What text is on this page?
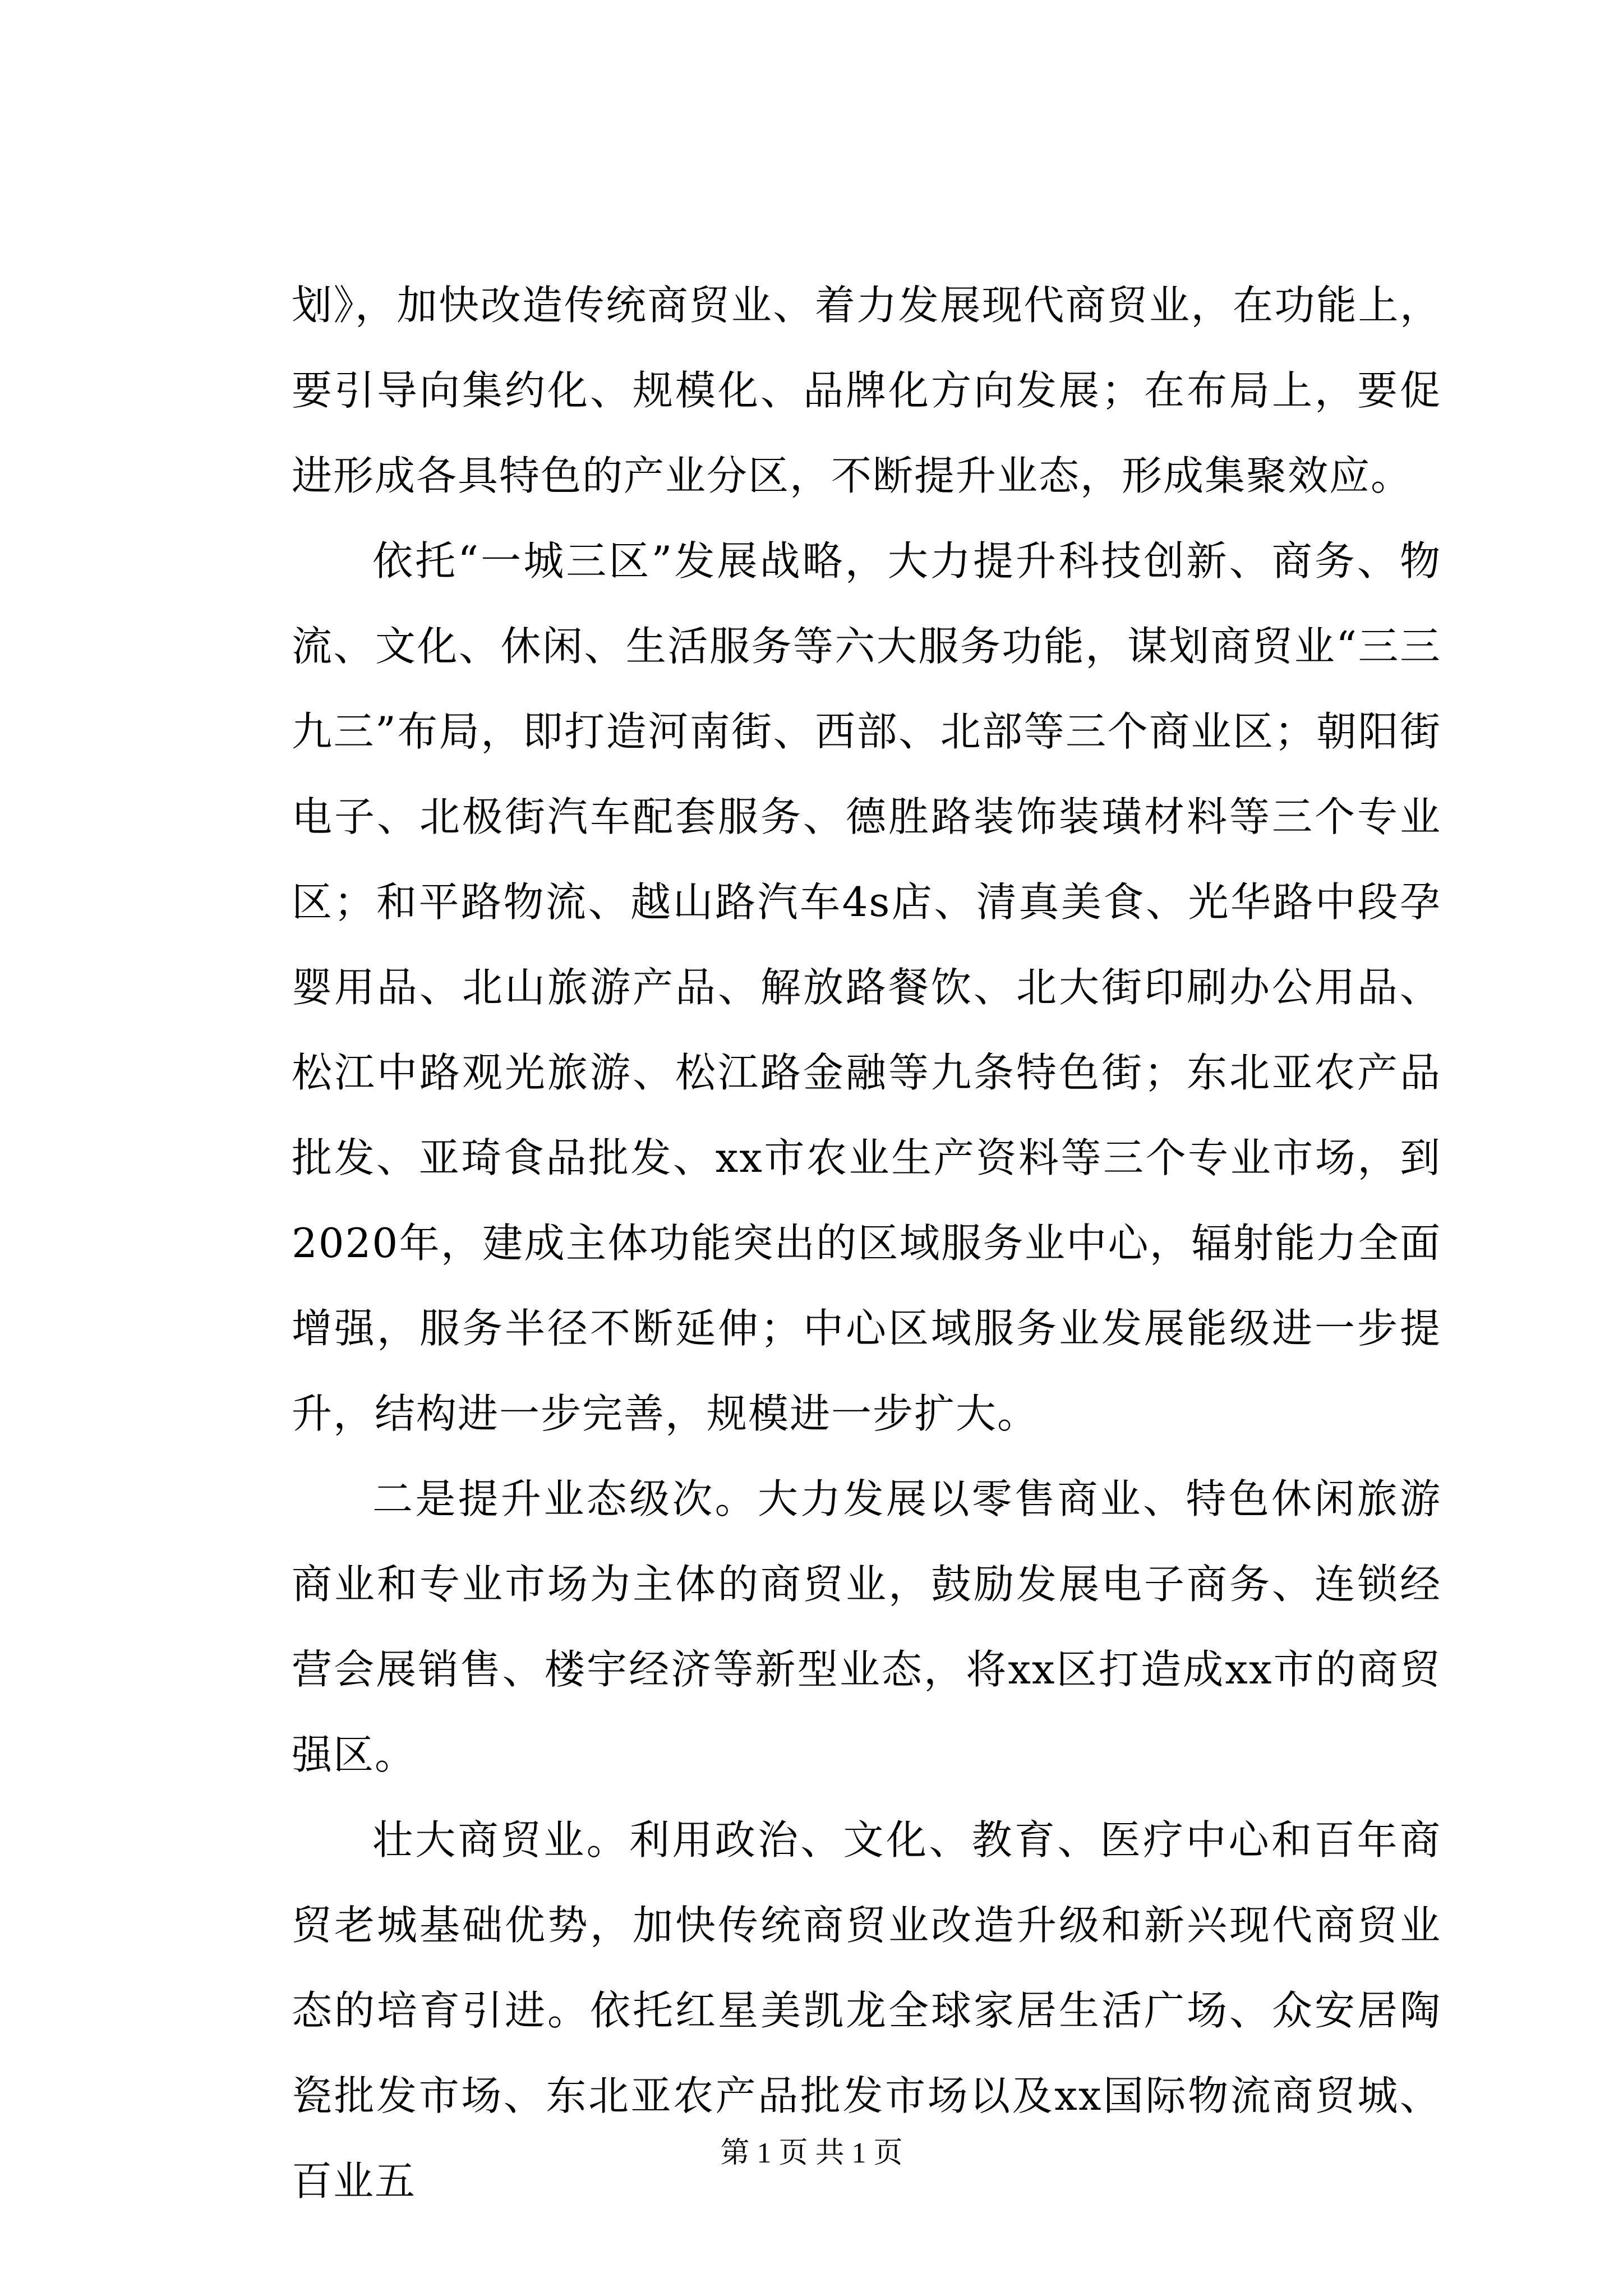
划》，加快改造传统商贸业、着力发展现代商贸业，在功能上，要引导向集约化、规模化、品牌化方向发展；在布局上，要促进形成各具特色的产业分区，不断提升业态，形成集聚效应。

依托“一城三区”发展战略，大力提升科技创新、商务、物流、文化、休闲、生活服务等六大服务功能，谋划商贸业“三三九三”布局，即打造河南街、西部、北部等三个商业区；朝阳街电子、北极街汽车配套服务、德胜路装饰装璜材料等三个专业区；和平路物流、越山路汽车4s店、清真美食、光华路中段孕婴用品、北山旅游产品、解放路餐饮、北大街印刷办公用品、松江中路观光旅游、松江路金融等九条特色街；东北亚农产品批发、亚琦食品批发、xx市农业生产资料等三个专业市场，到2020年，建成主体功能突出的区域服务业中心，辐射能力全面增强，服务半径不断延伸；中心区域服务业发展能级进一步提升，结构进一步完善，规模进一步扩大。

二是提升业态级次。大力发展以零售商业、特色休闲旅游商业和专业市场为主体的商贸业，鼓励发展电子商务、连锁经营会展销售、楼宇经济等新型业态，将xx区打造成xx市的商贸强区。

壮大商贸业。利用政治、文化、教育、医疗中心和百年商贸老城基础优势，加快传统商贸业改造升级和新兴现代商贸业态的培育引进。依托红星美凯龙全球家居生活广场、众安居陶瓷批发市场、东北亚农产品批发市场以及xx国际物流商贸城、百业五

第 1 页 共 1 页
